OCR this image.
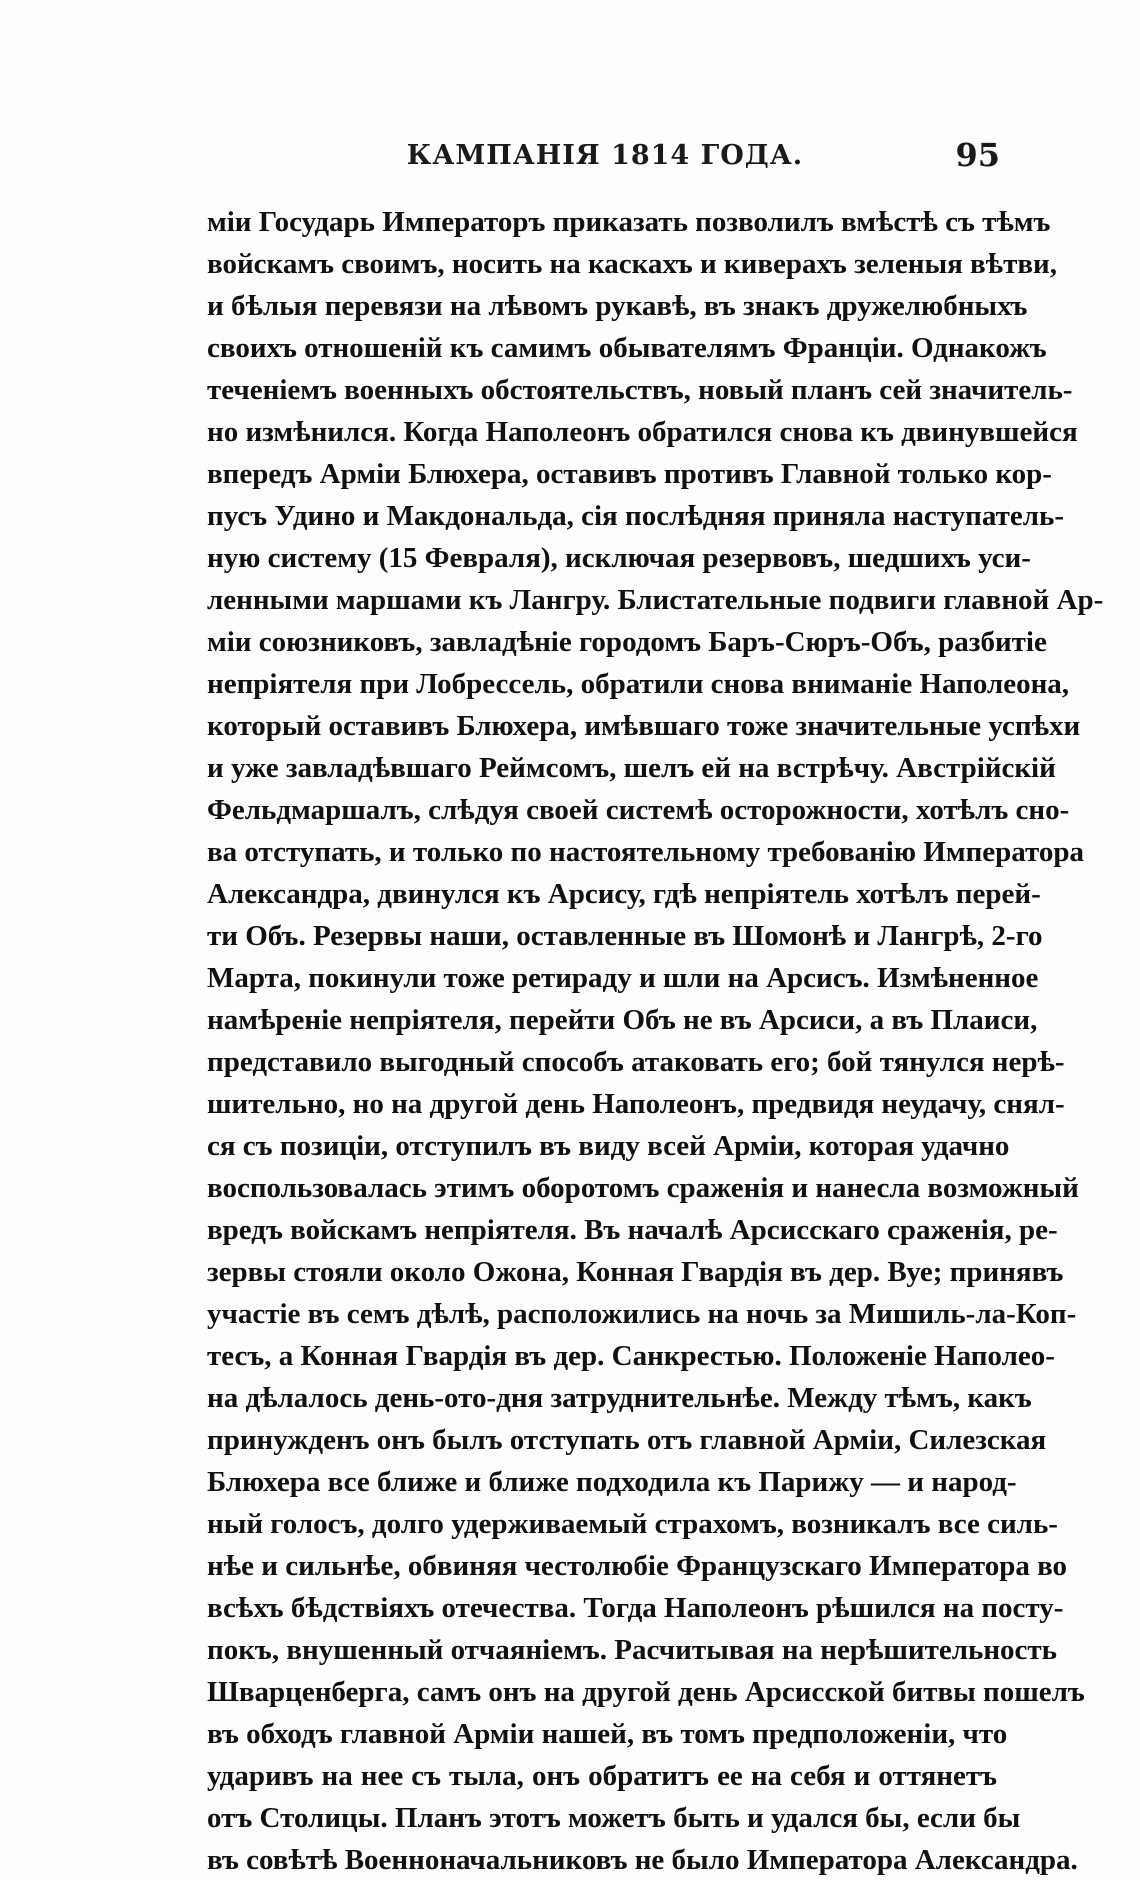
КАМПАНІЯ 1814 ГОДА.	95
міи Государь Императоръ приказать позволилъ вмѣстѣ съ тѣмъ
войскамъ своимъ, носить на каскахъ и киверахъ зеленыя вѣтви,
и бѣлыя перевязи на лѣвомъ рукавѣ, въ знакъ дружелюбныхъ
своихъ отношеній къ самимъ обывателямъ Франціи. Однакожъ
теченіемъ военныхъ обстоятельствъ, новый планъ сей значитель-
но измѣнился. Когда Наполеонъ обратился снова къ двинувшейся
впередъ Арміи Блюхера, оставивъ противъ Главной только кор-
пусъ Удино и Макдональда, сія послѣдняя приняла наступатель-
ную систему (15 Февраля), исключая резервовъ, шедшихъ уси-
ленными маршами къ Лангру. Блистательные подвиги главной Ар-
міи союзниковъ, завладѣніе городомъ Баръ-Сюръ-Объ, разбитіе
непріятеля при Лобрессель, обратили снова вниманіе Наполеона,
который оставивъ Блюхера, имѣвшаго тоже значительные успѣхи
и уже завладѣвшаго Реймсомъ, шелъ ей на встрѣчу. Австрійскій
Фельдмаршалъ, слѣдуя своей системѣ осторожности, хотѣлъ сно-
ва отступать, и только по настоятельному требованію Императора
Александра, двинулся къ Арсису, гдѣ непріятель хотѣлъ перей-
ти Объ. Резервы наши, оставленные въ Шомонѣ и Лангрѣ, 2-го
Марта, покинули тоже ретираду и шли на Арсисъ. Измѣненное
намѣреніе непріятеля, перейти Объ не въ Арсиси, а въ Плаиси,
представило выгодный способъ атаковать его; бой тянулся нерѣ-
шительно, но на другой день Наполеонъ, предвидя неудачу, снял-
ся съ позиціи, отступилъ въ виду всей Арміи, которая удачно
воспользовалась этимъ оборотомъ сраженія и нанесла возможный
вредъ войскамъ непріятеля. Въ началѣ Арсисскаго сраженія, ре-
зервы стояли около Ожона, Конная Гвардія въ дер. Вуе; принявъ
участіе въ семъ дѣлѣ, расположились на ночь за Мишиль-ла-Коп-
тесъ, а Конная Гвардія въ дер. Санкрестью. Положеніе Наполео-
на дѣлалось день-ото-дня затруднительнѣе. Между тѣмъ, какъ
принужденъ онъ былъ отступать отъ главной Арміи, Силезская
Блюхера все ближе и ближе подходила къ Парижу — и народ-
ный голосъ, долго удерживаемый страхомъ, возникалъ все силь-
нѣе и сильнѣе, обвиняя честолюбіе Французскаго Императора во
всѣхъ бѣдствіяхъ отечества. Тогда Наполеонъ рѣшился на посту-
покъ, внушенный отчаяніемъ. Расчитывая на нерѣшительность
Шварценберга, самъ онъ на другой день Арсисской битвы пошелъ
въ обходъ главной Арміи нашей, въ томъ предположеніи, что
ударивъ на нее съ тыла, онъ обратитъ ее на себя и оттянетъ
отъ Столицы. Планъ этотъ можетъ быть и удался бы, если бы
въ совѣтѣ Военноначальниковъ не было Императора Александра.
